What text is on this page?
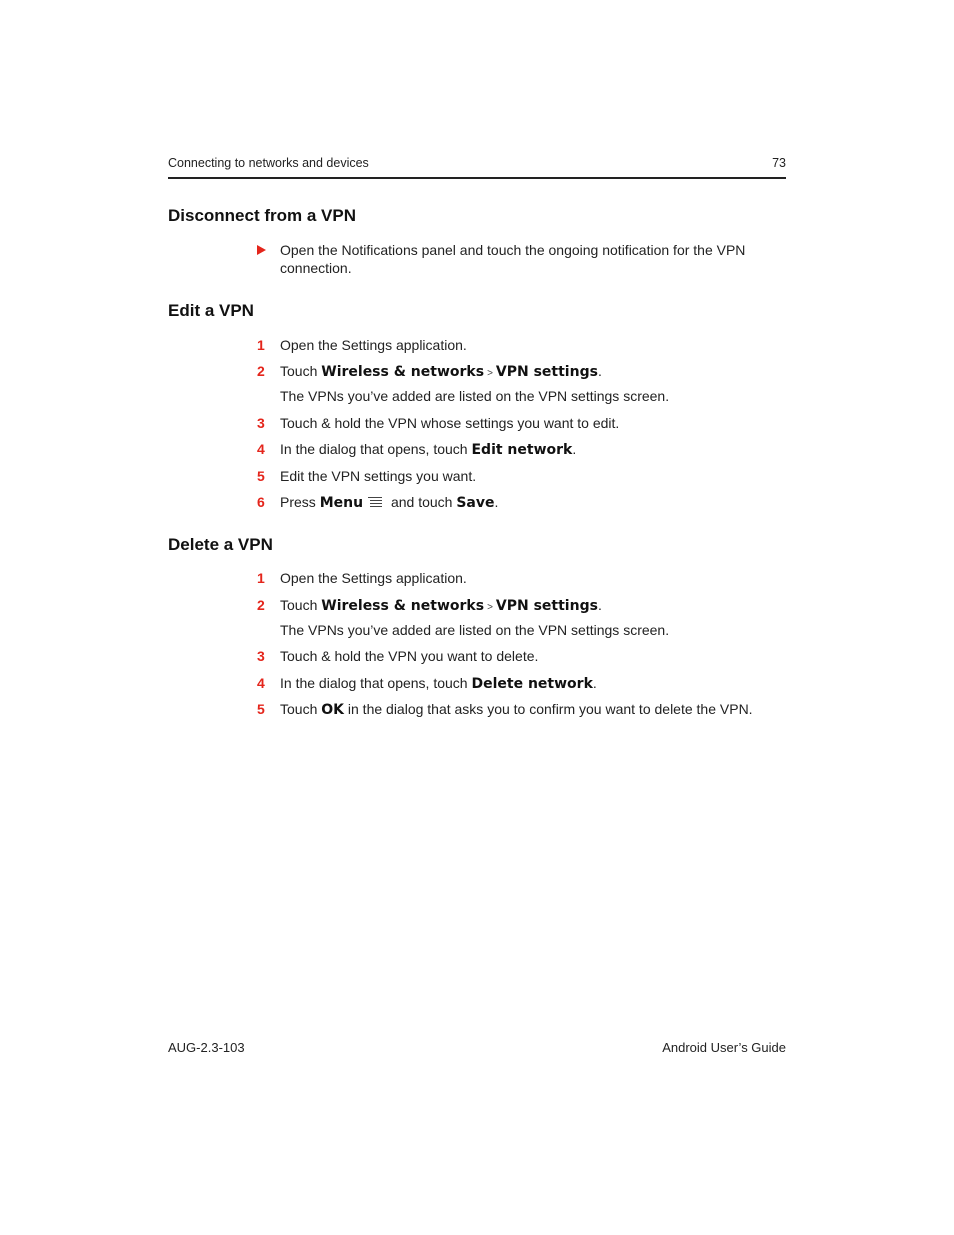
Connecting to networks and devices	73
Disconnect from a VPN
Open the Notifications panel and touch the ongoing notification for the VPN
connection.
Edit a VPN
1	Open the Settings application.
2	Touch Wireless & networks > VPN settings.
The VPNs you’ve added are listed on the VPN settings screen.
3	Touch & hold the VPN whose settings you want to edit.
4	In the dialog that opens, touch Edit network.
5	Edit the VPN settings you want.
6	Press Menu and touch Save.
Delete a VPN
1	Open the Settings application.
2	Touch Wireless & networks > VPN settings.
The VPNs you’ve added are listed on the VPN settings screen.
3	Touch & hold the VPN you want to delete.
4	In the dialog that opens, touch Delete network.
5	Touch OK in the dialog that asks you to confirm you want to delete the VPN.
AUG-2.3-103	Android User’s Guide
